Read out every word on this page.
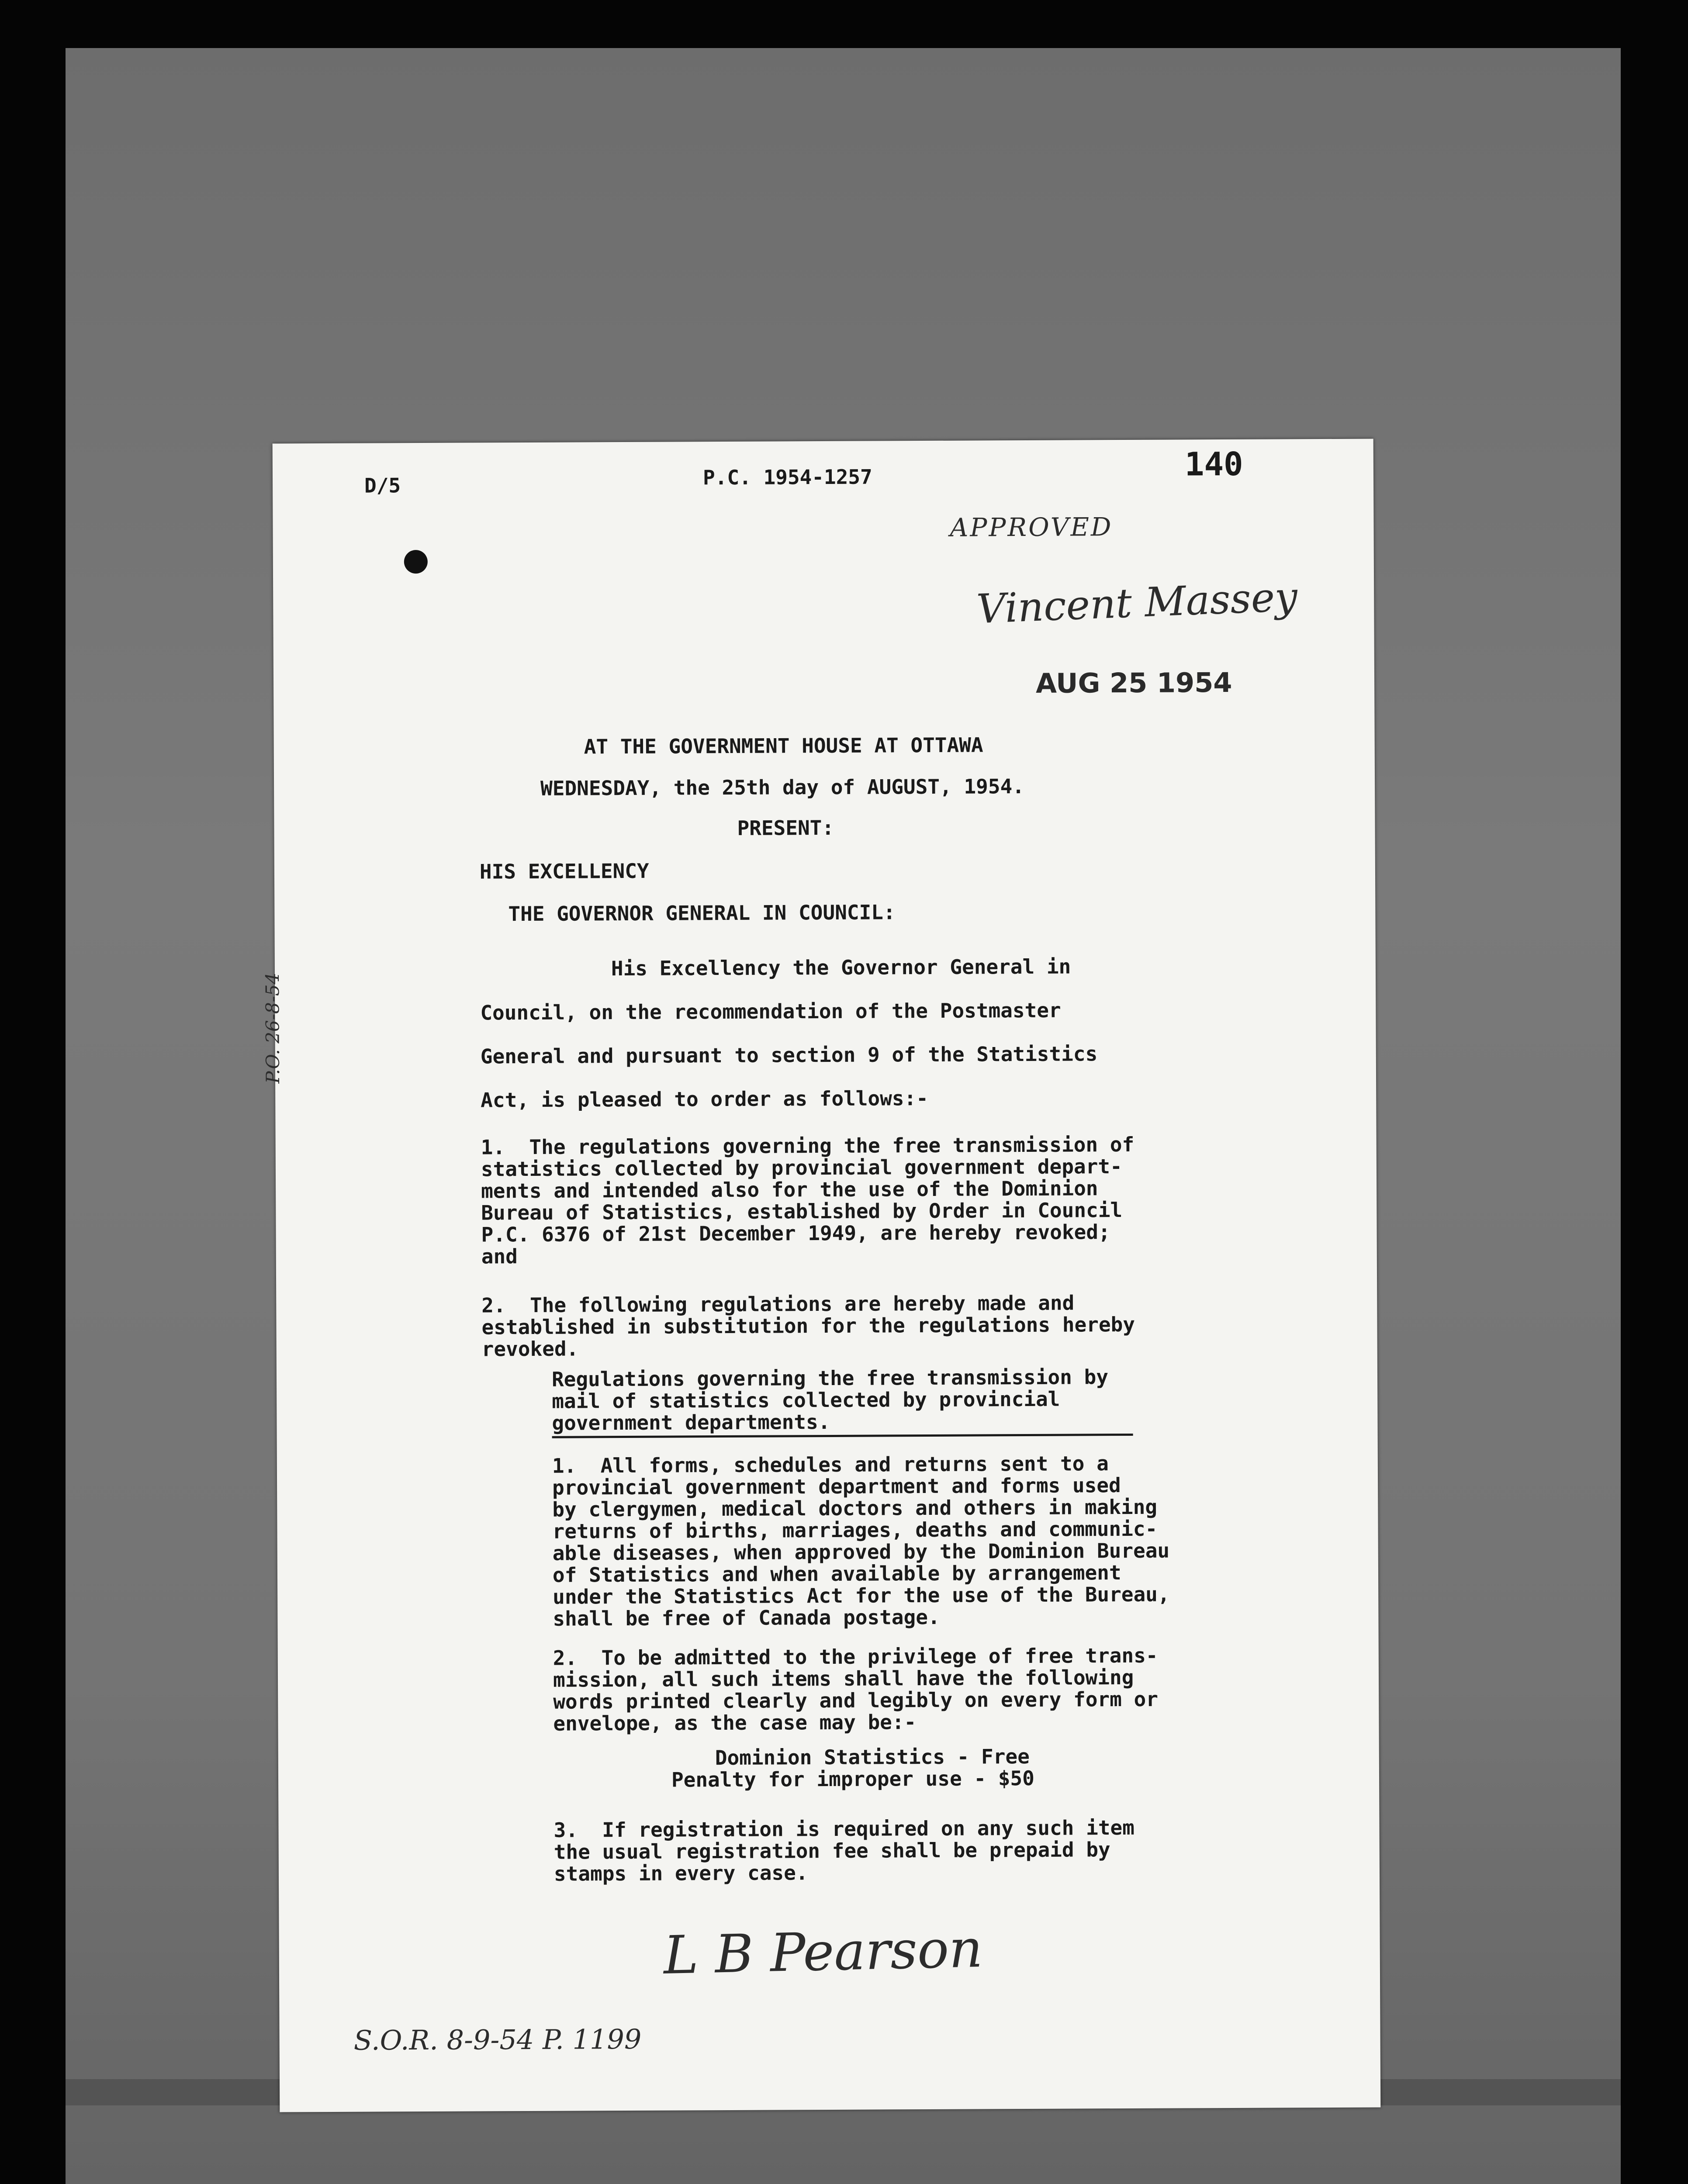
D/5	P.C. 1954-1257	140
APPROVED
Vincent Massey
AUG 25 1954
P.O. 26-8-54
AT THE GOVERNMENT HOUSE AT OTTAWA
WEDNESDAY, the 25th day of AUGUST, 1954.
PRESENT:
HIS EXCELLENCY
THE GOVERNOR GENERAL IN COUNCIL:
His Excellency the Governor General in
Council, on the recommendation of the Postmaster
General and pursuant to section 9 of the Statistics
Act, is pleased to order as follows:-
1.  The regulations governing the free transmission of
statistics collected by provincial government depart-
ments and intended also for the use of the Dominion
Bureau of Statistics, established by Order in Council
P.C. 6376 of 21st December 1949, are hereby revoked;
and
2.  The following regulations are hereby made and
established in substitution for the regulations hereby
revoked.
Regulations governing the free transmission by
mail of statistics collected by provincial
government departments.
1.  All forms, schedules and returns sent to a
provincial government department and forms used
by clergymen, medical doctors and others in making
returns of births, marriages, deaths and communic-
able diseases, when approved by the Dominion Bureau
of Statistics and when available by arrangement
under the Statistics Act for the use of the Bureau,
shall be free of Canada postage.
2.  To be admitted to the privilege of free trans-
mission, all such items shall have the following
words printed clearly and legibly on every form or
envelope, as the case may be:-
Dominion Statistics - Free
Penalty for improper use - $50
3.  If registration is required on any such item
the usual registration fee shall be prepaid by
stamps in every case.
L B Pearson
S.O.R. 8-9-54 P. 1199
